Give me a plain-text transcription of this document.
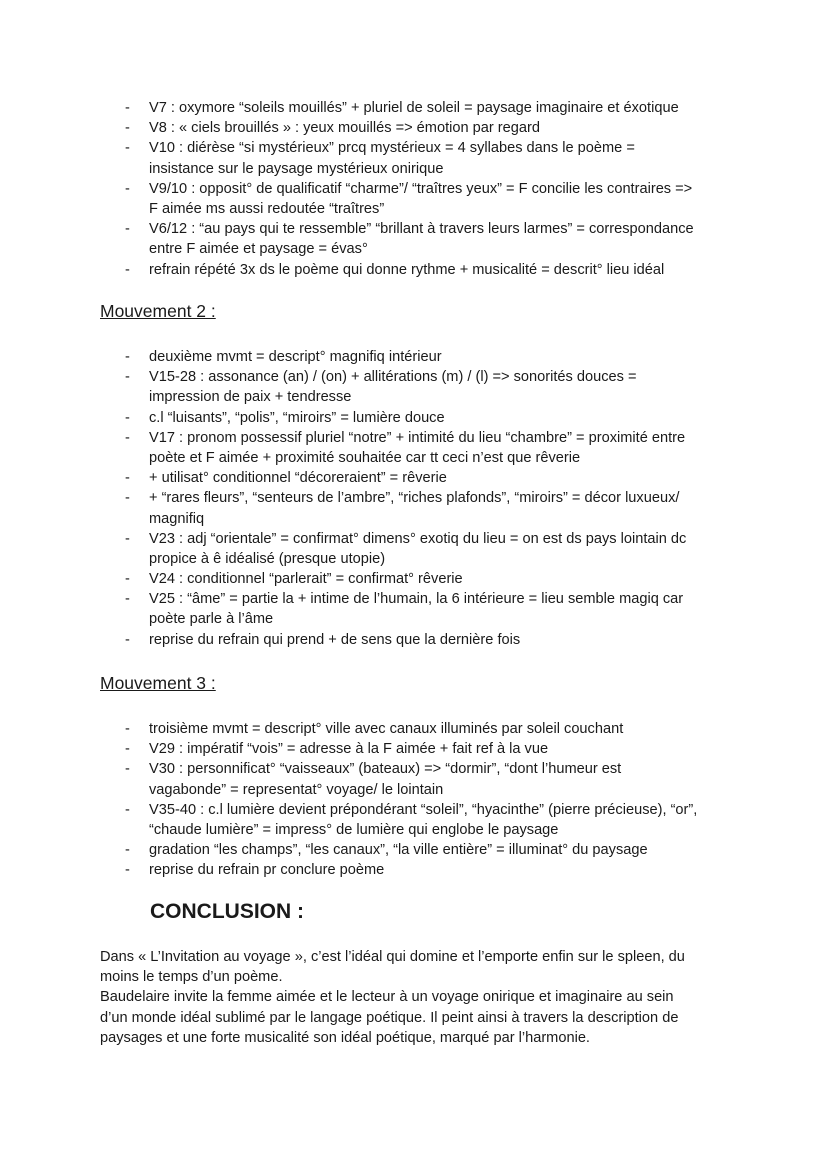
- V7 : oxymore “soleils mouillés” + pluriel de soleil = paysage imaginaire et éxotique
- V8 : « ciels brouillés » : yeux mouillés => émotion par regard
- V10 : diérèse “si mystérieux” prcq mystérieux = 4 syllabes dans le poème =
insistance sur le paysage mystérieux onirique
- V9/10 : opposit° de qualificatif “charme”/ “traîtres yeux” = F concilie les contraires =>
F aimée ms aussi redoutée “traîtres”
- V6/12 : “au pays qui te ressemble” “brillant à travers leurs larmes” = correspondance
entre F aimée et paysage = évas°
- refrain répété 3x ds le poème qui donne rythme + musicalité = descrit° lieu idéal
Mouvement 2 :
- deuxième mvmt = descript° magnifiq intérieur
- V15-28 : assonance (an) / (on) + allitérations (m) / (l) => sonorités douces =
impression de paix + tendresse
- c.l “luisants”, “polis”, “miroirs” = lumière douce
- V17 : pronom possessif pluriel “notre” + intimité du lieu “chambre” = proximité entre
poète et F aimée + proximité souhaitée car tt ceci n’est que rêverie
- + utilisat° conditionnel “décoreraient” = rêverie
- + “rares fleurs”, “senteurs de l’ambre”, “riches plafonds”, “miroirs” = décor luxueux/
magnifiq
- V23 : adj “orientale” = confirmat° dimens° exotiq du lieu = on est ds pays lointain dc
propice à ê idéalisé (presque utopie)
- V24 : conditionnel “parlerait” = confirmat° rêverie
- V25 : “âme” = partie la + intime de l’humain, la 6 intérieure = lieu semble magiq car
poète parle à l’âme
- reprise du refrain qui prend + de sens que la dernière fois
Mouvement 3 :
- troisième mvmt = descript° ville avec canaux illuminés par soleil couchant
- V29 : impératif “vois” = adresse à la F aimée + fait ref à la vue
- V30 : personnificat° “vaisseaux” (bateaux) => “dormir”, “dont l’humeur est
vagabonde” = representat° voyage/ le lointain
- V35-40 : c.l lumière devient prépondérant “soleil”, “hyacinthe” (pierre précieuse), “or”,
“chaude lumière” = impress° de lumière qui englobe le paysage
- gradation “les champs”, “les canaux”, “la ville entière” = illuminat° du paysage
- reprise du refrain pr conclure poème
CONCLUSION :
Dans « L’Invitation au voyage », c’est l’idéal qui domine et l’emporte enfin sur le spleen, du
moins le temps d’un poème.
Baudelaire invite la femme aimée et le lecteur à un voyage onirique et imaginaire au sein
d’un monde idéal sublimé par le langage poétique. Il peint ainsi à travers la description de
paysages et une forte musicalité son idéal poétique, marqué par l’harmonie.
